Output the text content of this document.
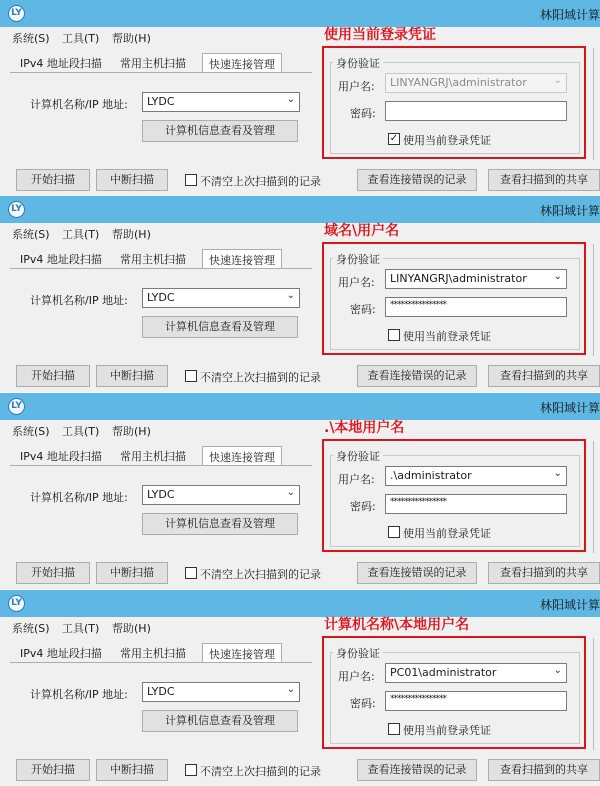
LY	林阳域计算
系统(S) 工具(T) 帮助(H)
IPv4 地址段扫描	常用主机扫描	快速连接管理
计算机名称/IP 地址:	LYDC	⌄
计算机信息查看及管理
身份验证
用户名:	LINYANGRJ\administrator	⌄
密码:
✓ 使用当前登录凭证
使用当前登录凭证
开始扫描	中断扫描	不清空上次扫描到的记录	查看连接错误的记录	查看扫描到的共享
LY	林阳域计算
系统(S) 工具(T) 帮助(H)
IPv4 地址段扫描	常用主机扫描	快速连接管理
计算机名称/IP 地址:	LYDC	⌄
计算机信息查看及管理
身份验证
用户名:	LINYANGRJ\administrator	⌄
密码:	****************
使用当前登录凭证
域名\用户名
开始扫描	中断扫描	不清空上次扫描到的记录	查看连接错误的记录	查看扫描到的共享
LY	林阳域计算
系统(S) 工具(T) 帮助(H)
IPv4 地址段扫描	常用主机扫描	快速连接管理
计算机名称/IP 地址:	LYDC	⌄
计算机信息查看及管理
身份验证
用户名:	.\administrator	⌄
密码:	****************
使用当前登录凭证
.\本地用户名
开始扫描	中断扫描	不清空上次扫描到的记录	查看连接错误的记录	查看扫描到的共享
LY	林阳域计算
系统(S) 工具(T) 帮助(H)
IPv4 地址段扫描	常用主机扫描	快速连接管理
计算机名称/IP 地址:	LYDC	⌄
计算机信息查看及管理
身份验证
用户名:	PC01\administrator	⌄
密码:	****************
使用当前登录凭证
计算机名称\本地用户名
开始扫描	中断扫描	不清空上次扫描到的记录	查看连接错误的记录	查看扫描到的共享
